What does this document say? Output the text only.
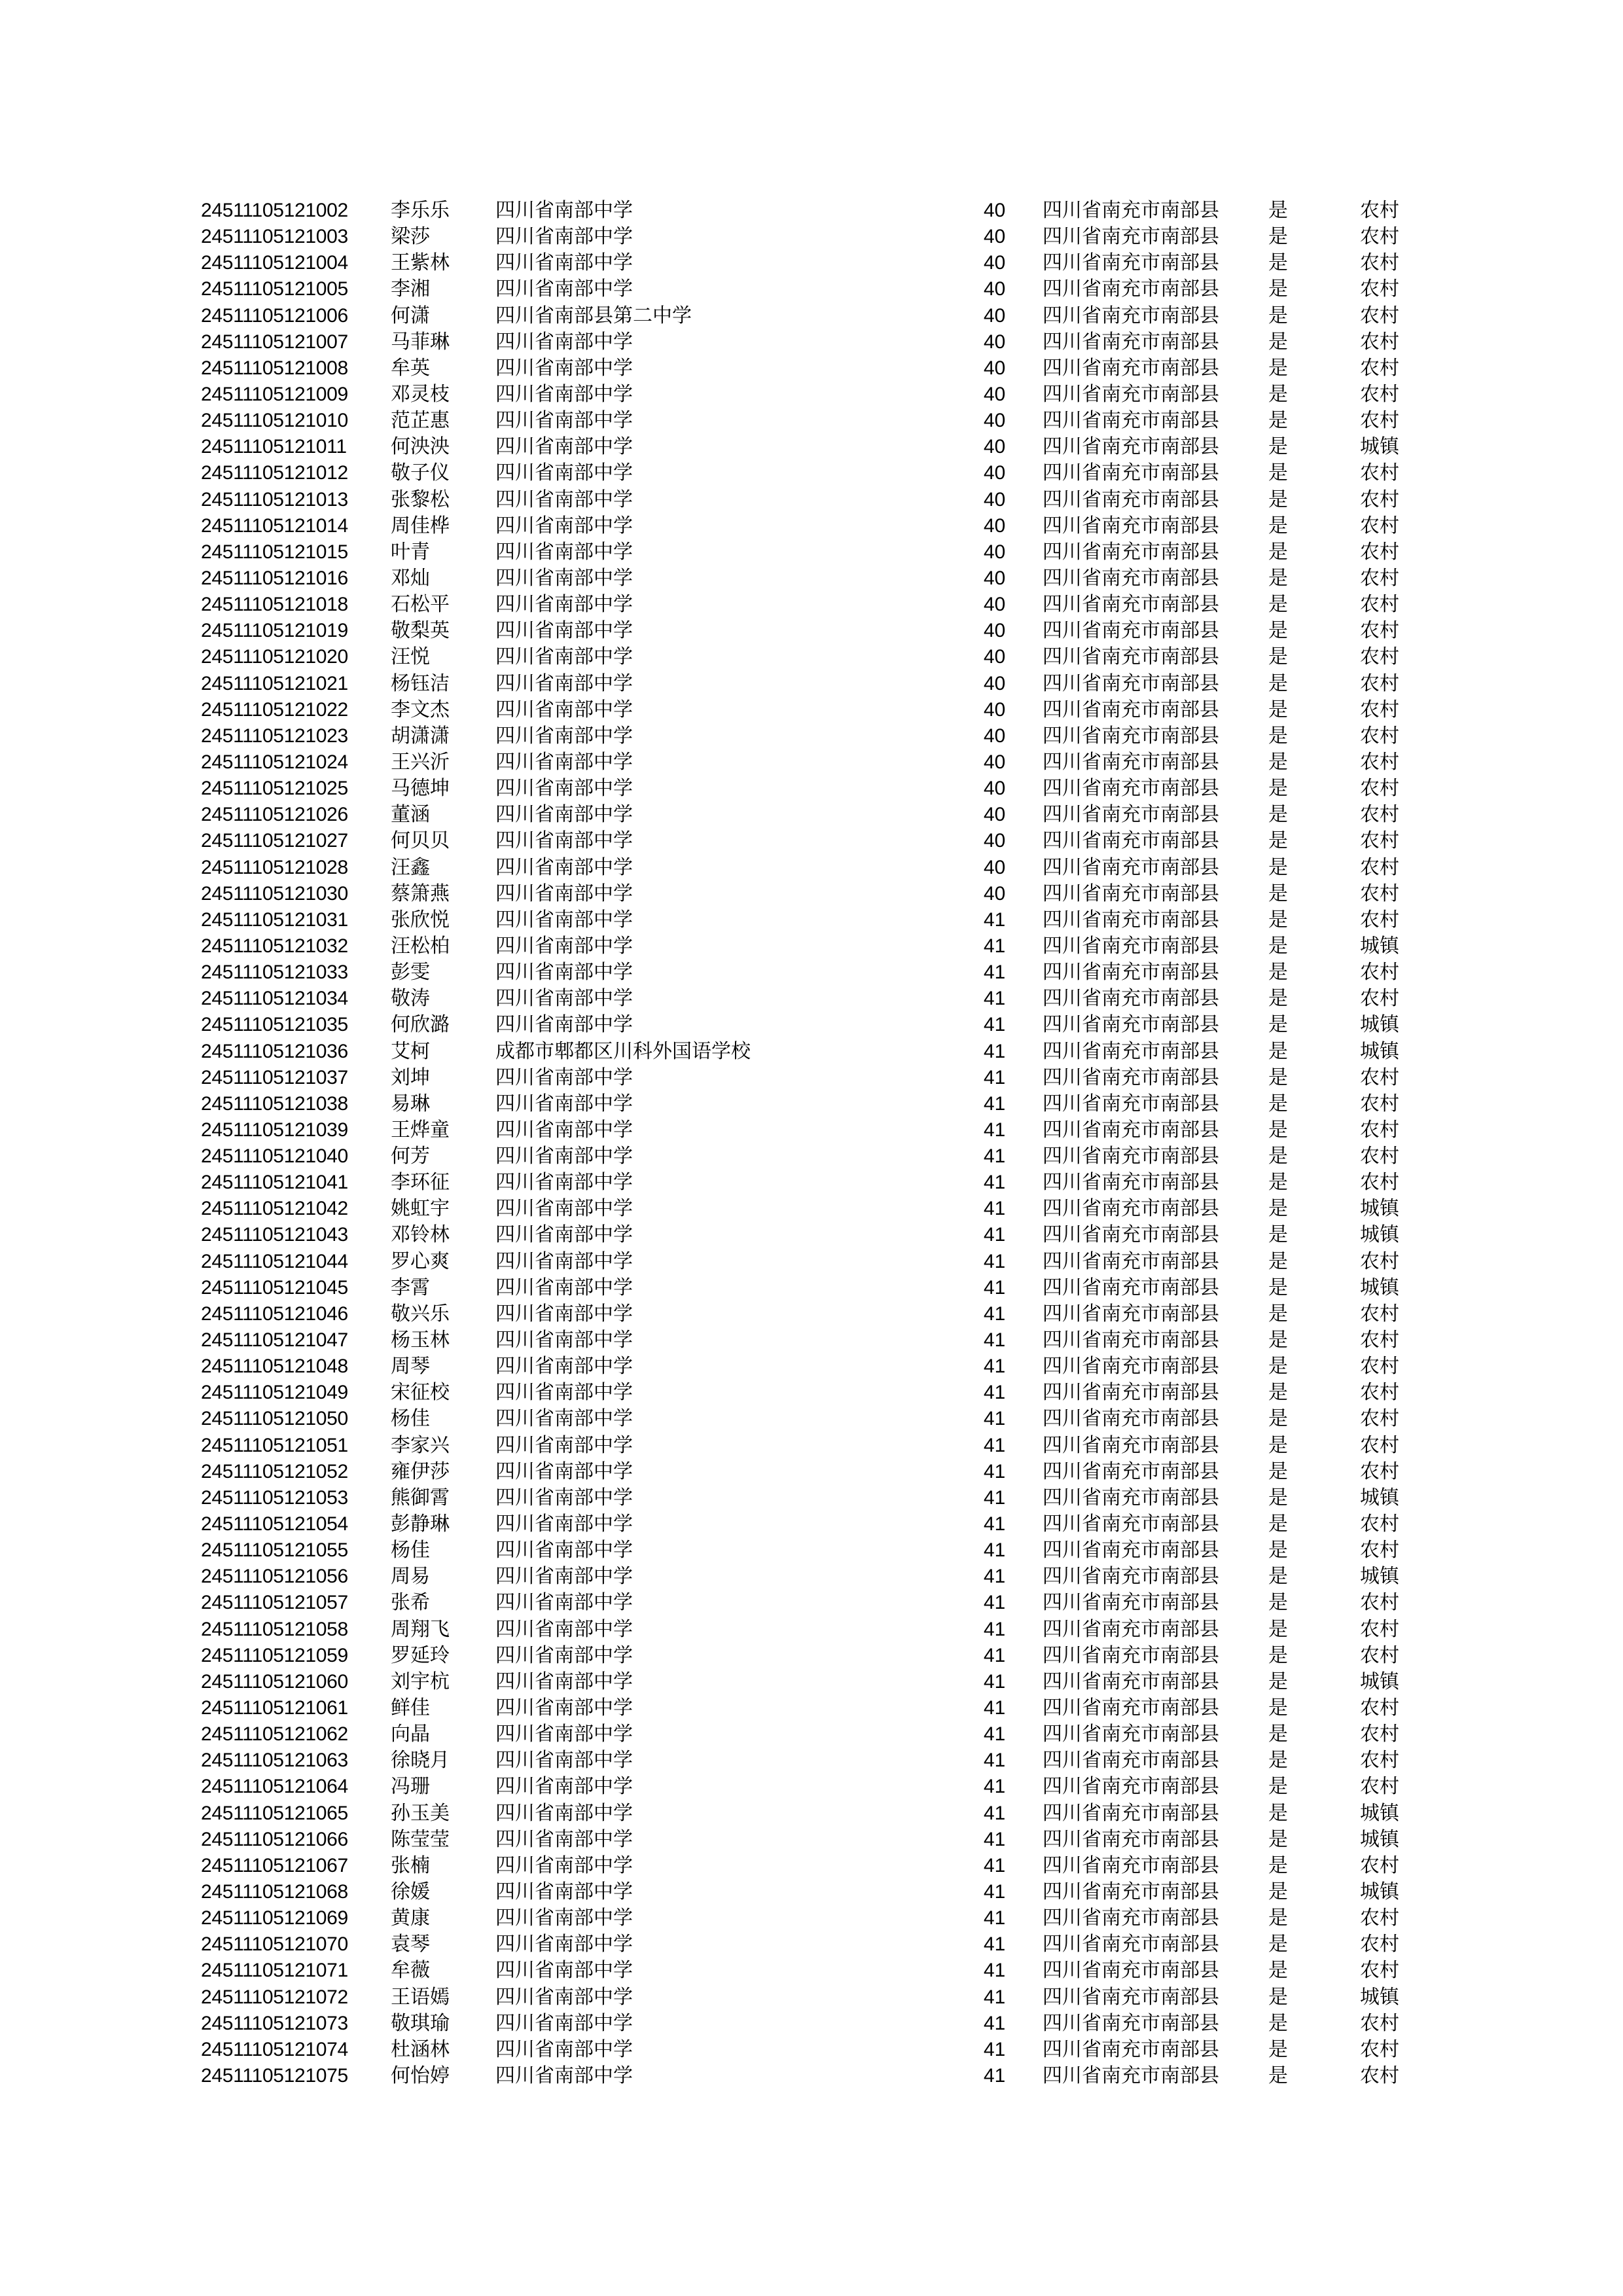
24511105121002 李乐乐 四川省南部中学	40 四川省南充市南部县	是	农村
24511105121003 梁莎	四川省南部中学	40 四川省南充市南部县	是	农村
24511105121004 王紫林 四川省南部中学	40 四川省南充市南部县	是	农村
24511105121005 李湘	四川省南部中学	40 四川省南充市南部县	是	农村
24511105121006 何潇	四川省南部县第二中学	40 四川省南充市南部县	是	农村
24511105121007 马菲琳 四川省南部中学	40 四川省南充市南部县	是	农村
24511105121008 牟英	四川省南部中学	40 四川省南充市南部县	是	农村
24511105121009 邓灵枝 四川省南部中学	40 四川省南充市南部县	是	农村
24511105121010 范芷惠 四川省南部中学	40 四川省南充市南部县	是	农村
24511105121011 何泱泱 四川省南部中学	40 四川省南充市南部县	是	城镇
24511105121012 敬子仪 四川省南部中学	40 四川省南充市南部县	是	农村
24511105121013 张黎松 四川省南部中学	40 四川省南充市南部县	是	农村
24511105121014 周佳桦 四川省南部中学	40 四川省南充市南部县	是	农村
24511105121015 叶青	四川省南部中学	40 四川省南充市南部县	是	农村
24511105121016 邓灿	四川省南部中学	40 四川省南充市南部县	是	农村
24511105121018 石松平 四川省南部中学	40 四川省南充市南部县	是	农村
24511105121019 敬梨英 四川省南部中学	40 四川省南充市南部县	是	农村
24511105121020 汪悦	四川省南部中学	40 四川省南充市南部县	是	农村
24511105121021 杨钰洁 四川省南部中学	40 四川省南充市南部县	是	农村
24511105121022 李文杰 四川省南部中学	40 四川省南充市南部县	是	农村
24511105121023 胡潇潇 四川省南部中学	40 四川省南充市南部县	是	农村
24511105121024 王兴沂 四川省南部中学	40 四川省南充市南部县	是	农村
24511105121025 马德坤 四川省南部中学	40 四川省南充市南部县	是	农村
24511105121026 董涵	四川省南部中学	40 四川省南充市南部县	是	农村
24511105121027 何贝贝 四川省南部中学	40 四川省南充市南部县	是	农村
24511105121028 汪鑫	四川省南部中学	40 四川省南充市南部县	是	农村
24511105121030 蔡箫燕 四川省南部中学	40 四川省南充市南部县	是	农村
24511105121031 张欣悦 四川省南部中学	41 四川省南充市南部县	是	农村
24511105121032 汪松柏 四川省南部中学	41 四川省南充市南部县	是	城镇
24511105121033 彭雯	四川省南部中学	41 四川省南充市南部县	是	农村
24511105121034 敬涛	四川省南部中学	41 四川省南充市南部县	是	农村
24511105121035 何欣潞 四川省南部中学	41 四川省南充市南部县	是	城镇
24511105121036 艾柯	成都市郫都区川科外国语学校	41 四川省南充市南部县	是	城镇
24511105121037 刘坤	四川省南部中学	41 四川省南充市南部县	是	农村
24511105121038 易琳	四川省南部中学	41 四川省南充市南部县	是	农村
24511105121039 王烨童 四川省南部中学	41 四川省南充市南部县	是	农村
24511105121040 何芳	四川省南部中学	41 四川省南充市南部县	是	农村
24511105121041 李环征 四川省南部中学	41 四川省南充市南部县	是	农村
24511105121042 姚虹宇 四川省南部中学	41 四川省南充市南部县	是	城镇
24511105121043 邓铃林 四川省南部中学	41 四川省南充市南部县	是	城镇
24511105121044 罗心爽 四川省南部中学	41 四川省南充市南部县	是	农村
24511105121045 李霄	四川省南部中学	41 四川省南充市南部县	是	城镇
24511105121046 敬兴乐 四川省南部中学	41 四川省南充市南部县	是	农村
24511105121047 杨玉林 四川省南部中学	41 四川省南充市南部县	是	农村
24511105121048 周琴	四川省南部中学	41 四川省南充市南部县	是	农村
24511105121049 宋征校 四川省南部中学	41 四川省南充市南部县	是	农村
24511105121050 杨佳	四川省南部中学	41 四川省南充市南部县	是	农村
24511105121051 李家兴 四川省南部中学	41 四川省南充市南部县	是	农村
24511105121052 雍伊莎 四川省南部中学	41 四川省南充市南部县	是	农村
24511105121053 熊御霄 四川省南部中学	41 四川省南充市南部县	是	城镇
24511105121054 彭静琳 四川省南部中学	41 四川省南充市南部县	是	农村
24511105121055 杨佳	四川省南部中学	41 四川省南充市南部县	是	农村
24511105121056 周易	四川省南部中学	41 四川省南充市南部县	是	城镇
24511105121057 张希	四川省南部中学	41 四川省南充市南部县	是	农村
24511105121058 周翔飞 四川省南部中学	41 四川省南充市南部县	是	农村
24511105121059 罗延玲 四川省南部中学	41 四川省南充市南部县	是	农村
24511105121060 刘宇杭 四川省南部中学	41 四川省南充市南部县	是	城镇
24511105121061 鲜佳	四川省南部中学	41 四川省南充市南部县	是	农村
24511105121062 向晶	四川省南部中学	41 四川省南充市南部县	是	农村
24511105121063 徐晓月 四川省南部中学	41 四川省南充市南部县	是	农村
24511105121064 冯珊	四川省南部中学	41 四川省南充市南部县	是	农村
24511105121065 孙玉美 四川省南部中学	41 四川省南充市南部县	是	城镇
24511105121066 陈莹莹 四川省南部中学	41 四川省南充市南部县	是	城镇
24511105121067 张楠	四川省南部中学	41 四川省南充市南部县	是	农村
24511105121068 徐媛	四川省南部中学	41 四川省南充市南部县	是	城镇
24511105121069 黄康	四川省南部中学	41 四川省南充市南部县	是	农村
24511105121070 袁琴	四川省南部中学	41 四川省南充市南部县	是	农村
24511105121071 牟薇	四川省南部中学	41 四川省南充市南部县	是	农村
24511105121072 王语嫣 四川省南部中学	41 四川省南充市南部县	是	城镇
24511105121073 敬琪瑜 四川省南部中学	41 四川省南充市南部县	是	农村
24511105121074 杜涵林 四川省南部中学	41 四川省南充市南部县	是	农村
24511105121075 何怡婷 四川省南部中学	41 四川省南充市南部县	是	农村
